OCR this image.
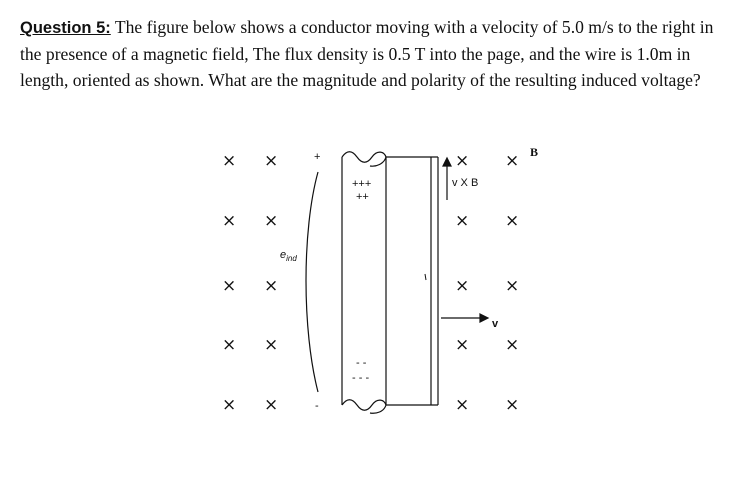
Question 5: The figure below shows a conductor moving with a velocity of 5.0 m/s to the right in the presence of a magnetic field, The flux density is 0.5 T into the page, and the wire is 1.0m in length, oriented as shown. What are the magnitude and polarity of the resulting induced voltage?

× ×
× ×
× ×
× ×
× ×
× ×
× ×
× ×
× ×
× ×
B
+
-
$e_{ind}$
+++
++
- -
- - -
v X B
v
